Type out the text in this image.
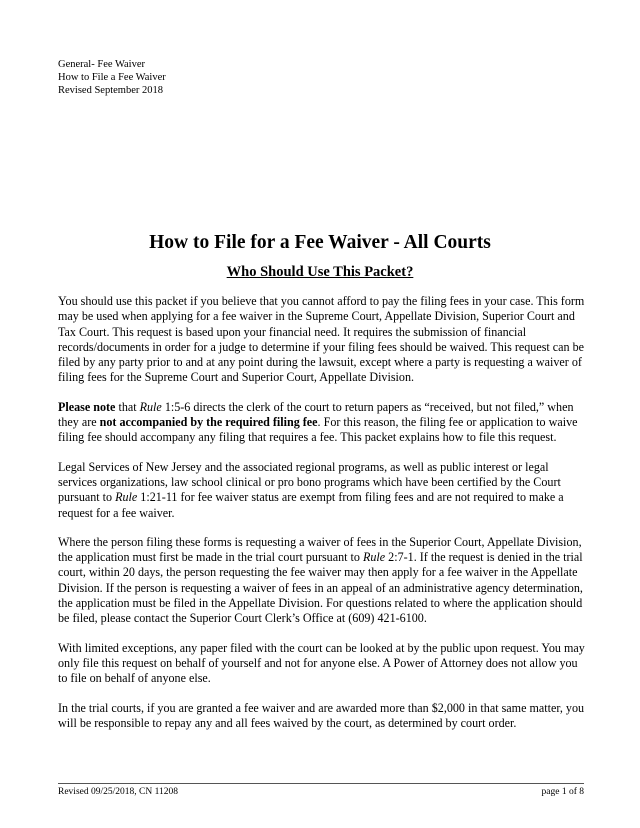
General- Fee Waiver
How to File a Fee Waiver
Revised September 2018
How to File for a Fee Waiver - All Courts
Who Should Use This Packet?

You should use this packet if you believe that you cannot afford to pay the filing fees in your case. This form may be used when applying for a fee waiver in the Supreme Court, Appellate Division, Superior Court and Tax Court. This request is based upon your financial need. It requires the submission of financial records/documents in order for a judge to determine if your filing fees should be waived. This request can be filed by any party prior to and at any point during the lawsuit, except where a party is requesting a waiver of filing fees for the Supreme Court and Superior Court, Appellate Division.

Please note that Rule 1:5-6 directs the clerk of the court to return papers as “received, but not filed,” when they are not accompanied by the required filing fee. For this reason, the filing fee or application to waive filing fee should accompany any filing that requires a fee. This packet explains how to file this request.

Legal Services of New Jersey and the associated regional programs, as well as public interest or legal services organizations, law school clinical or pro bono programs which have been certified by the Court pursuant to Rule 1:21-11 for fee waiver status are exempt from filing fees and are not required to make a request for a fee waiver.

Where the person filing these forms is requesting a waiver of fees in the Superior Court, Appellate Division, the application must first be made in the trial court pursuant to Rule 2:7-1. If the request is denied in the trial court, within 20 days, the person requesting the fee waiver may then apply for a fee waiver in the Appellate Division. If the person is requesting a waiver of fees in an appeal of an administrative agency determination, the application must be filed in the Appellate Division. For questions related to where the application should be filed, please contact the Superior Court Clerk’s Office at (609) 421-6100.

With limited exceptions, any paper filed with the court can be looked at by the public upon request. You may only file this request on behalf of yourself and not for anyone else. A Power of Attorney does not allow you to file on behalf of anyone else.

In the trial courts, if you are granted a fee waiver and are awarded more than $2,000 in that same matter, you will be responsible to repay any and all fees waived by the court, as determined by court order.

Revised 09/25/2018, CN 11208	page 1 of 8
